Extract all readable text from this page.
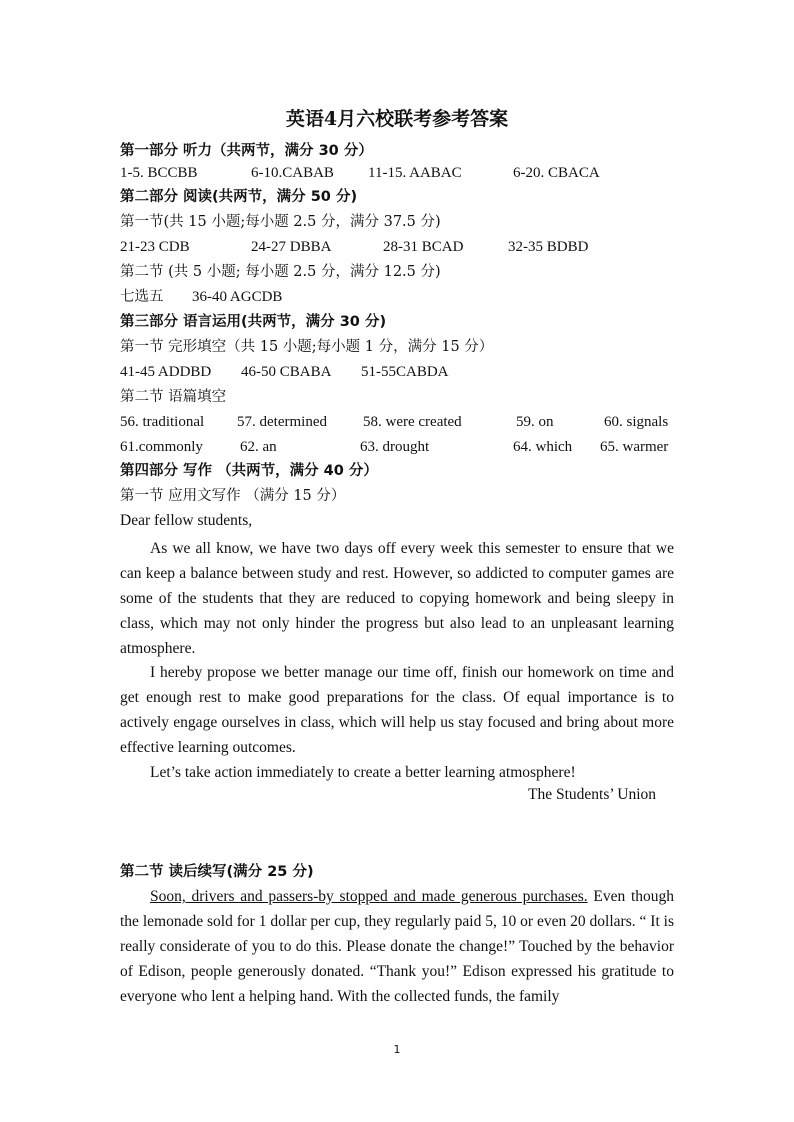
英语4月六校联考参考答案
第一部分 听力（共两节，满分 30 分）
1-5. BCCBB	6-10.CABAB 11-15. AABAC	6-20. CBACA
第二部分 阅读(共两节，满分 50 分)
第一节(共 15 小题;每小题 2.5 分，满分 37.5 分)
21-23 CDB	24-27 DBBA	28-31 BCAD	32-35 BDBD
第二节 (共 5 小题; 每小题 2.5 分，满分 12.5 分)
七选五 36-40 AGCDB
第三部分 语言运用(共两节，满分 30 分)
第一节 完形填空（共 15 小题;每小题 1 分，满分 15 分）
41-45 ADDBD 46-50 CBABA 51-55CABDA
第二节 语篇填空
56. traditional 57. determined 58. were created	59. on	60. signals
61.commonly 62. an	63. drought	64. which 65. warmer
第四部分 写作 （共两节，满分 40 分）
第一节 应用文写作 （满分 15 分）
Dear fellow students,
As we all know, we have two days off every week this semester to ensure that we can keep a balance between study and rest. However, so addicted to computer games are some of the students that they are reduced to copying homework and being sleepy in class, which may not only hinder the progress but also lead to an unpleasant learning atmosphere.
I hereby propose we better manage our time off, finish our homework on time and get enough rest to make good preparations for the class. Of equal importance is to actively engage ourselves in class, which will help us stay focused and bring about more effective learning outcomes.
Let’s take action immediately to create a better learning atmosphere!
The Students’ Union
第二节 读后续写(满分 25 分)
Soon, drivers and passers-by stopped and made generous purchases. Even though the lemonade sold for 1 dollar per cup, they regularly paid 5, 10 or even 20 dollars. “ It is really considerate of you to do this. Please donate the change!” Touched by the behavior of Edison, people generously donated. “Thank you!” Edison expressed his gratitude to everyone who lent a helping hand. With the collected funds, the family
1
